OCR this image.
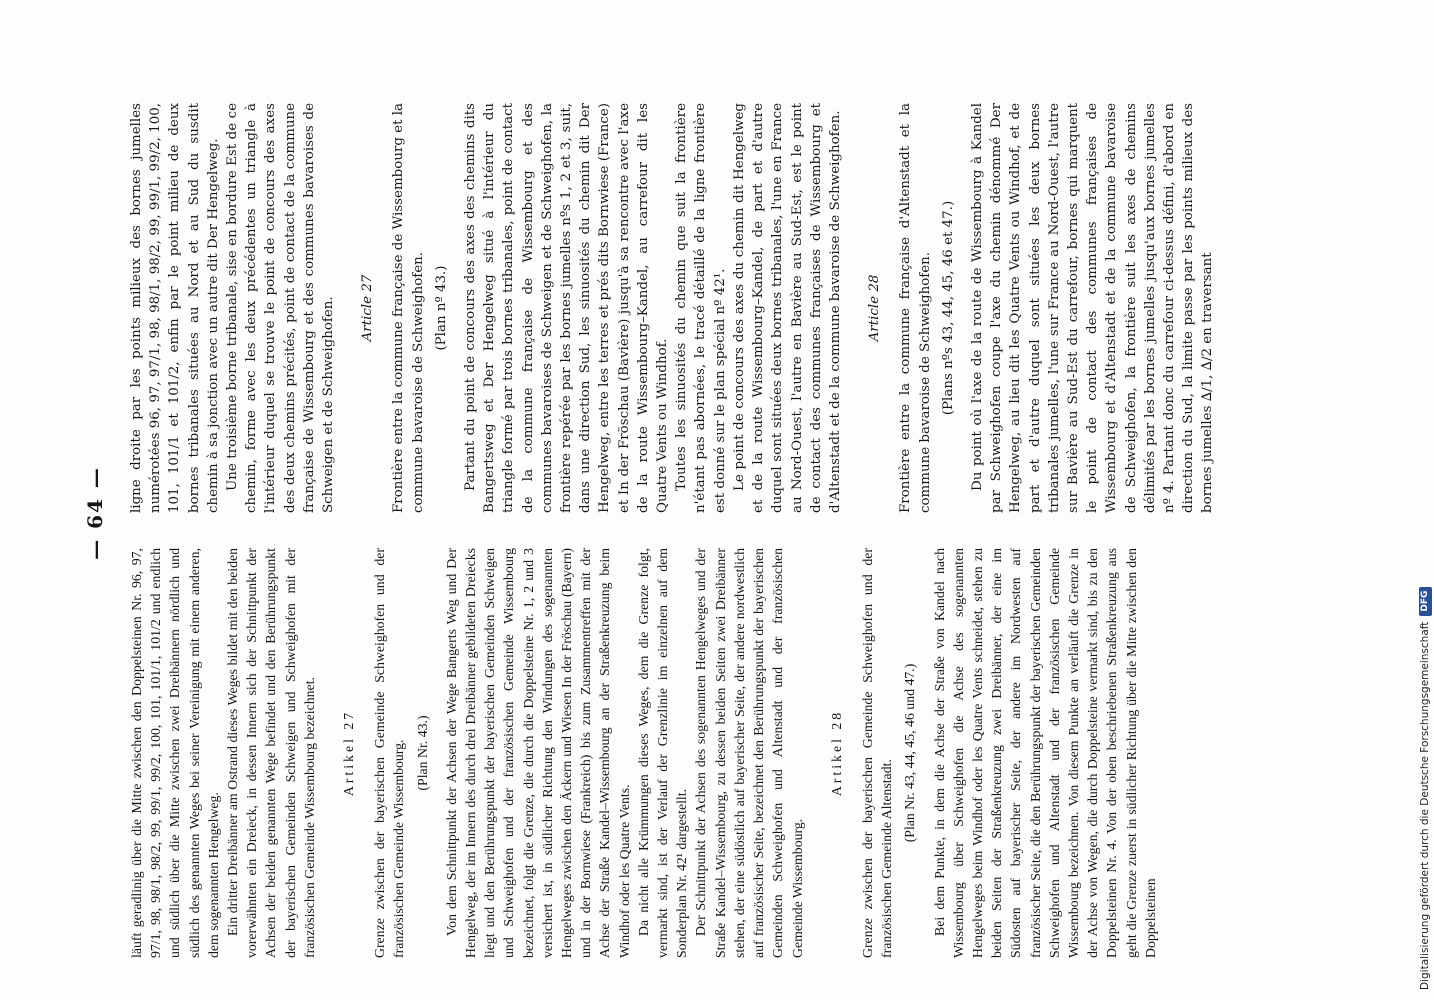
— 64 —

läuft geradlinig über die Mitte zwischen den Doppelsteinen Nr. 96, 97, 97/1, 98, 98/1, 98/2, 99, 99/1, 99/2, 100, 101, 101/1, 101/2 und endlich und südlich über die Mitte zwischen zwei Dreibännern nördlich und südlich des genannten Weges bei seiner Vereinigung mit einem anderen, dem sogenannten Hengelweg. Ein dritter Dreibänner am Ostrand dieses Weges bildet mit den beiden vorerwähnten ein Dreieck, in dessen Innern sich der Schnittpunkt der Achsen der beiden genannten Wege befindet und den Berührungspunkt der bayerischen Gemeinden Schweigen und Schweighofen mit der französischen Gemeinde Wissembourg bezeichnet. Artikel 27 Grenze zwischen der bayerischen Gemeinde Schweighofen und der französischen Gemeinde Wissembourg. (Plan Nr. 43.) Von dem Schnittpunkt der Achsen der Wege Bangerts Weg und Der Hengelweg, der im Innern des durch drei Dreibänner gebildeten Dreiecks liegt und den Berührungspunkt der bayerischen Gemeinden Schweigen und Schweighofen und der französischen Gemeinde Wissembourg bezeichnet, folgt die Grenze, die durch die Doppelsteine Nr. 1, 2 und 3 versichert ist, in südlicher Richtung den Windungen des sogenannten Hengelweges zwischen den Äckern und Wiesen In der Fröschau (Bayern) und in der Bornwiese (Frankreich) bis zum Zusammentreffen mit der Achse der Straße Kandel–Wissembourg an der Straßenkreuzung beim Windhof oder les Quatre Vents. Da nicht alle Krümmungen dieses Weges, dem die Grenze folgt, vermarkt sind, ist der Verlauf der Grenzlinie im einzelnen auf dem Sonderplan Nr. 42¹ dargestellt. Der Schnittpunkt der Achsen des sogenannten Hengelweges und der Straße Kandel–Wissembourg, zu dessen beiden Seiten zwei Dreibänner stehen, der eine südöstlich auf bayerischer Seite, der andere nordwestlich auf französischer Seite, bezeichnet den Berührungspunkt der bayerischen Gemeinden Schweighofen und Altenstadt und der französischen Gemeinde Wissembourg.

Artikel 28 Grenze zwischen der bayerischen Gemeinde Schweighofen und der französischen Gemeinde Altenstadt.

(Plan Nr. 43, 44, 45, 46 und 47.) Bei dem Punkte, in dem die Achse der Straße von Kandel nach Wissembourg über Schweighofen die Achse des sogenannten Hengelweges beim Windhof oder les Quatre Vents schneidet, stehen zu beiden Seiten der Straßenkreuzung zwei Dreibänner, der eine im Südosten auf bayerischer Seite, der andere im Nordwesten auf französischer Seite, die den Berührungspunkt der bayerischen Gemeinden Schweighofen und Altenstadt und der französischen Gemeinde Wissembourg bezeichnen. Von diesem Punkte an verläuft die Grenze in der Achse von Wegen, die durch Doppelsteine vermarkt sind, bis zu den Doppelsteinen Nr. 4. Von der oben beschriebenen Straßenkreuzung aus geht die Grenze zuerst in südlicher Richtung über die Mitte zwischen den Doppelsteinen

ligne droite par les points milieux des bornes jumelles numérotées 96, 97, 97/1, 98, 98/1, 98/2, 99, 99/1, 99/2, 100, 101, 101/1 et 101/2, enfin par le point milieu de deux bornes tribanales situées au Nord et au Sud du susdit chemin à sa jonction avec un autre dit Der Hengelweg. Une troisième borne tribanale, sise en bordure Est de ce chemin, forme avec les deux précédentes un triangle à l'intérieur duquel se trouve le point de concours des axes des deux chemins précités, point de contact de la commune française de Wissembourg et des communes bavaroises de Schweigen et de Schweighofen. Article 27 Frontière entre la commune française de Wissembourg et la commune bavaroise de Schweighofen. (Plan nº 43.) Partant du point de concours des axes des chemins dits Bangertsweg et Der Hengelweg situé à l'intérieur du triangle formé par trois bornes tribanales, point de contact de la commune française de Wissembourg et des communes bavaroises de Schweigen et de Schweighofen, la frontière repérée par les bornes jumelles nºs 1, 2 et 3, suit, dans une direction Sud, les sinuosités du chemin dit Der Hengelweg, entre les terres et prés dits Bornwiese (France) et In der Fröschau (Bavière) jusqu'à sa rencontre avec l'axe de la route Wissembourg–Kandel, au carrefour dit les Quatre Vents ou Windhof. Toutes les sinuosités du chemin que suit la frontière n'étant pas abornées, le tracé détaillé de la ligne frontière est donné sur le plan spécial nº 42¹. Le point de concours des axes du chemin dit Hengelweg et de la route Wissembourg–Kandel, de part et d'autre duquel sont situées deux bornes tribanales, l'une en France au Nord-Ouest, l'autre en Bavière au Sud-Est, est le point de contact des communes françaises de Wissembourg et d'Altenstadt et de la commune bavaroise de Schweighofen. Article 28 Frontière entre la commune française d'Altenstadt et la commune bavaroise de Schweighofen. (Plans nºs 43, 44, 45, 46 et 47.) Du point où l'axe de la route de Wissembourg à Kandel par Schweighofen coupe l'axe du chemin dénommé Der Hengelweg, au lieu dit les Quatre Vents ou Windhof, et de part et d'autre duquel sont situées les deux bornes tribanales jumelles, l'une sur France au Nord-Ouest, l'autre sur Bavière au Sud-Est du carrefour, bornes qui marquent le point de contact des communes françaises de Wissembourg et d'Altenstadt et de la commune bavaroise de Schweighofen, la frontière suit les axes de chemins délimités par les bornes jumelles jusqu'aux bornes jumelles nº 4. Partant donc du carrefour ci-dessus défini, d'abord en direction du Sud, la limite passe par les points milieux des bornes jumelles ∆/1, ∆/2 en traversant

Digitalisierung gefördert durch die Deutsche Forschungsgemeinschaft
DFG
